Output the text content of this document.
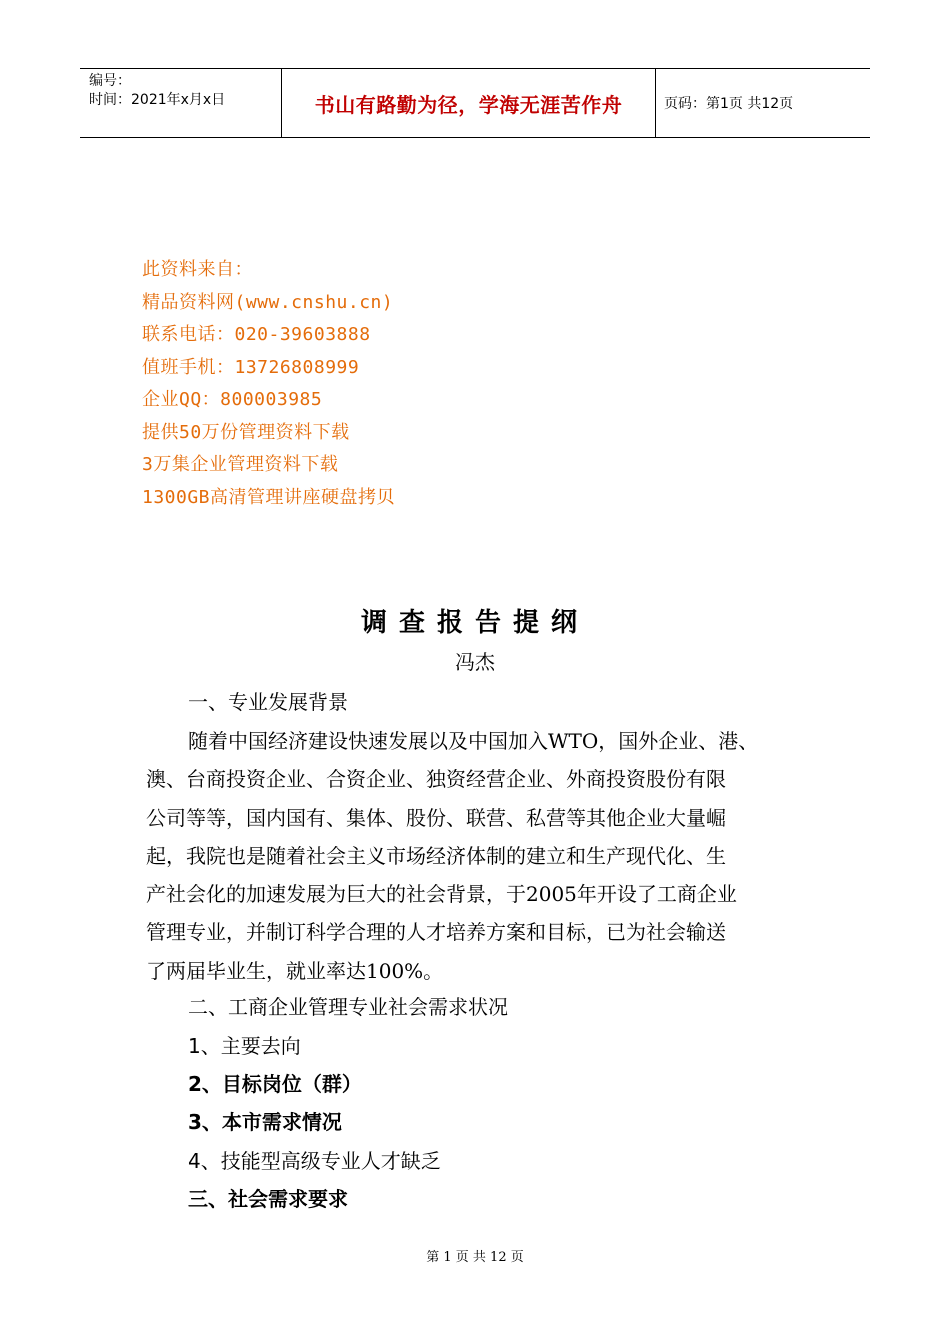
编号：
时间：2021年x月x日	书山有路勤为径，学海无涯苦作舟	页码：第1页 共12页
此资料来自：
精品资料网(www.cnshu.cn)
联系电话：020-39603888
值班手机：13726808999
企业QQ：800003985
提供50万份管理资料下载
3万集企业管理资料下载
1300GB高清管理讲座硬盘拷贝
调查报告提纲
冯杰
一、专业发展背景
随着中国经济建设快速发展以及中国加入WTO，国外企业、港、
澳、台商投资企业、合资企业、独资经营企业、外商投资股份有限
公司等等，国内国有、集体、股份、联营、私营等其他企业大量崛
起，我院也是随着社会主义市场经济体制的建立和生产现代化、生
产社会化的加速发展为巨大的社会背景，于2005年开设了工商企业
管理专业，并制订科学合理的人才培养方案和目标，已为社会输送
了两届毕业生，就业率达100%。
二、工商企业管理专业社会需求状况
1、主要去向
2、目标岗位（群）
3、本市需求情况
4、技能型高级专业人才缺乏
三、社会需求要求
第 1 页 共 12 页
